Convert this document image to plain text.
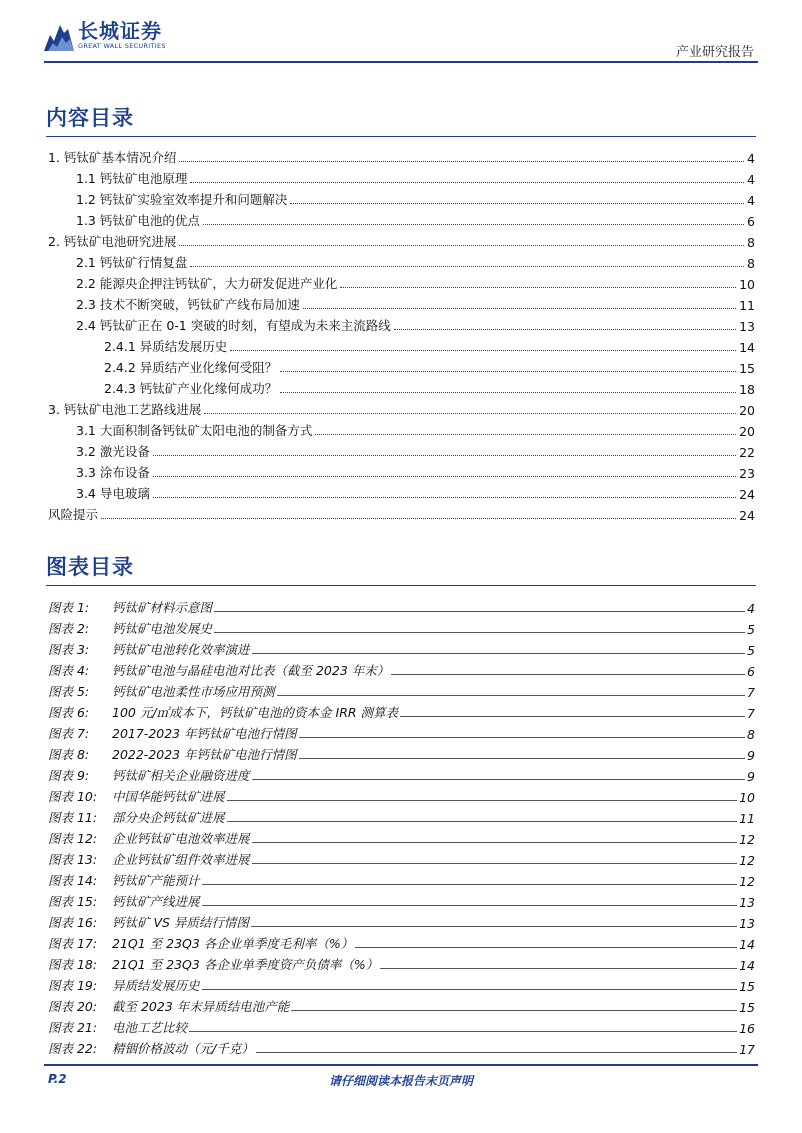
长城证券
GREAT WALL SECURITIES	产业研究报告
内容目录
1. 钙钛矿基本情况介绍	4
1.1 钙钛矿电池原理	4
1.2 钙钛矿实验室效率提升和问题解决	4
1.3 钙钛矿电池的优点	6
2. 钙钛矿电池研究进展	8
2.1 钙钛矿行情复盘	8
2.2 能源央企押注钙钛矿，大力研发促进产业化	10
2.3 技术不断突破，钙钛矿产线布局加速	11
2.4 钙钛矿正在 0-1 突破的时刻，有望成为未来主流路线	13
2.4.1 异质结发展历史	14
2.4.2 异质结产业化缘何受阻？	15
2.4.3 钙钛矿产业化缘何成功？	18
3. 钙钛矿电池工艺路线进展	20
3.1 大面积制备钙钛矿太阳电池的制备方式	20
3.2 激光设备	22
3.3 涂布设备	23
3.4 导电玻璃	24
风险提示	24
图表目录
图表 1:	钙钛矿材料示意图	4
图表 2:	钙钛矿电池发展史	5
图表 3:	钙钛矿电池转化效率演进	5
图表 4:	钙钛矿电池与晶硅电池对比表（截至 2023 年末）	6
图表 5:	钙钛矿电池柔性市场应用预测	7
图表 6:	100 元/㎡成本下，钙钛矿电池的资本金 IRR 测算表	7
图表 7:	2017-2023 年钙钛矿电池行情图	8
图表 8:	2022-2023 年钙钛矿电池行情图	9
图表 9:	钙钛矿相关企业融资进度	9
图表 10:	中国华能钙钛矿进展	10
图表 11:	部分央企钙钛矿进展	11
图表 12:	企业钙钛矿电池效率进展	12
图表 13:	企业钙钛矿组件效率进展	12
图表 14:	钙钛矿产能预计	12
图表 15:	钙钛矿产线进展	13
图表 16:	钙钛矿 VS 异质结行情图	13
图表 17:	21Q1 至 23Q3 各企业单季度毛利率（%）	14
图表 18:	21Q1 至 23Q3 各企业单季度资产负债率（%）	14
图表 19:	异质结发展历史	15
图表 20:	截至 2023 年末异质结电池产能	15
图表 21:	电池工艺比较	16
图表 22:	精铟价格波动（元/千克）	17
请仔细阅读本报告末页声明
P.2
